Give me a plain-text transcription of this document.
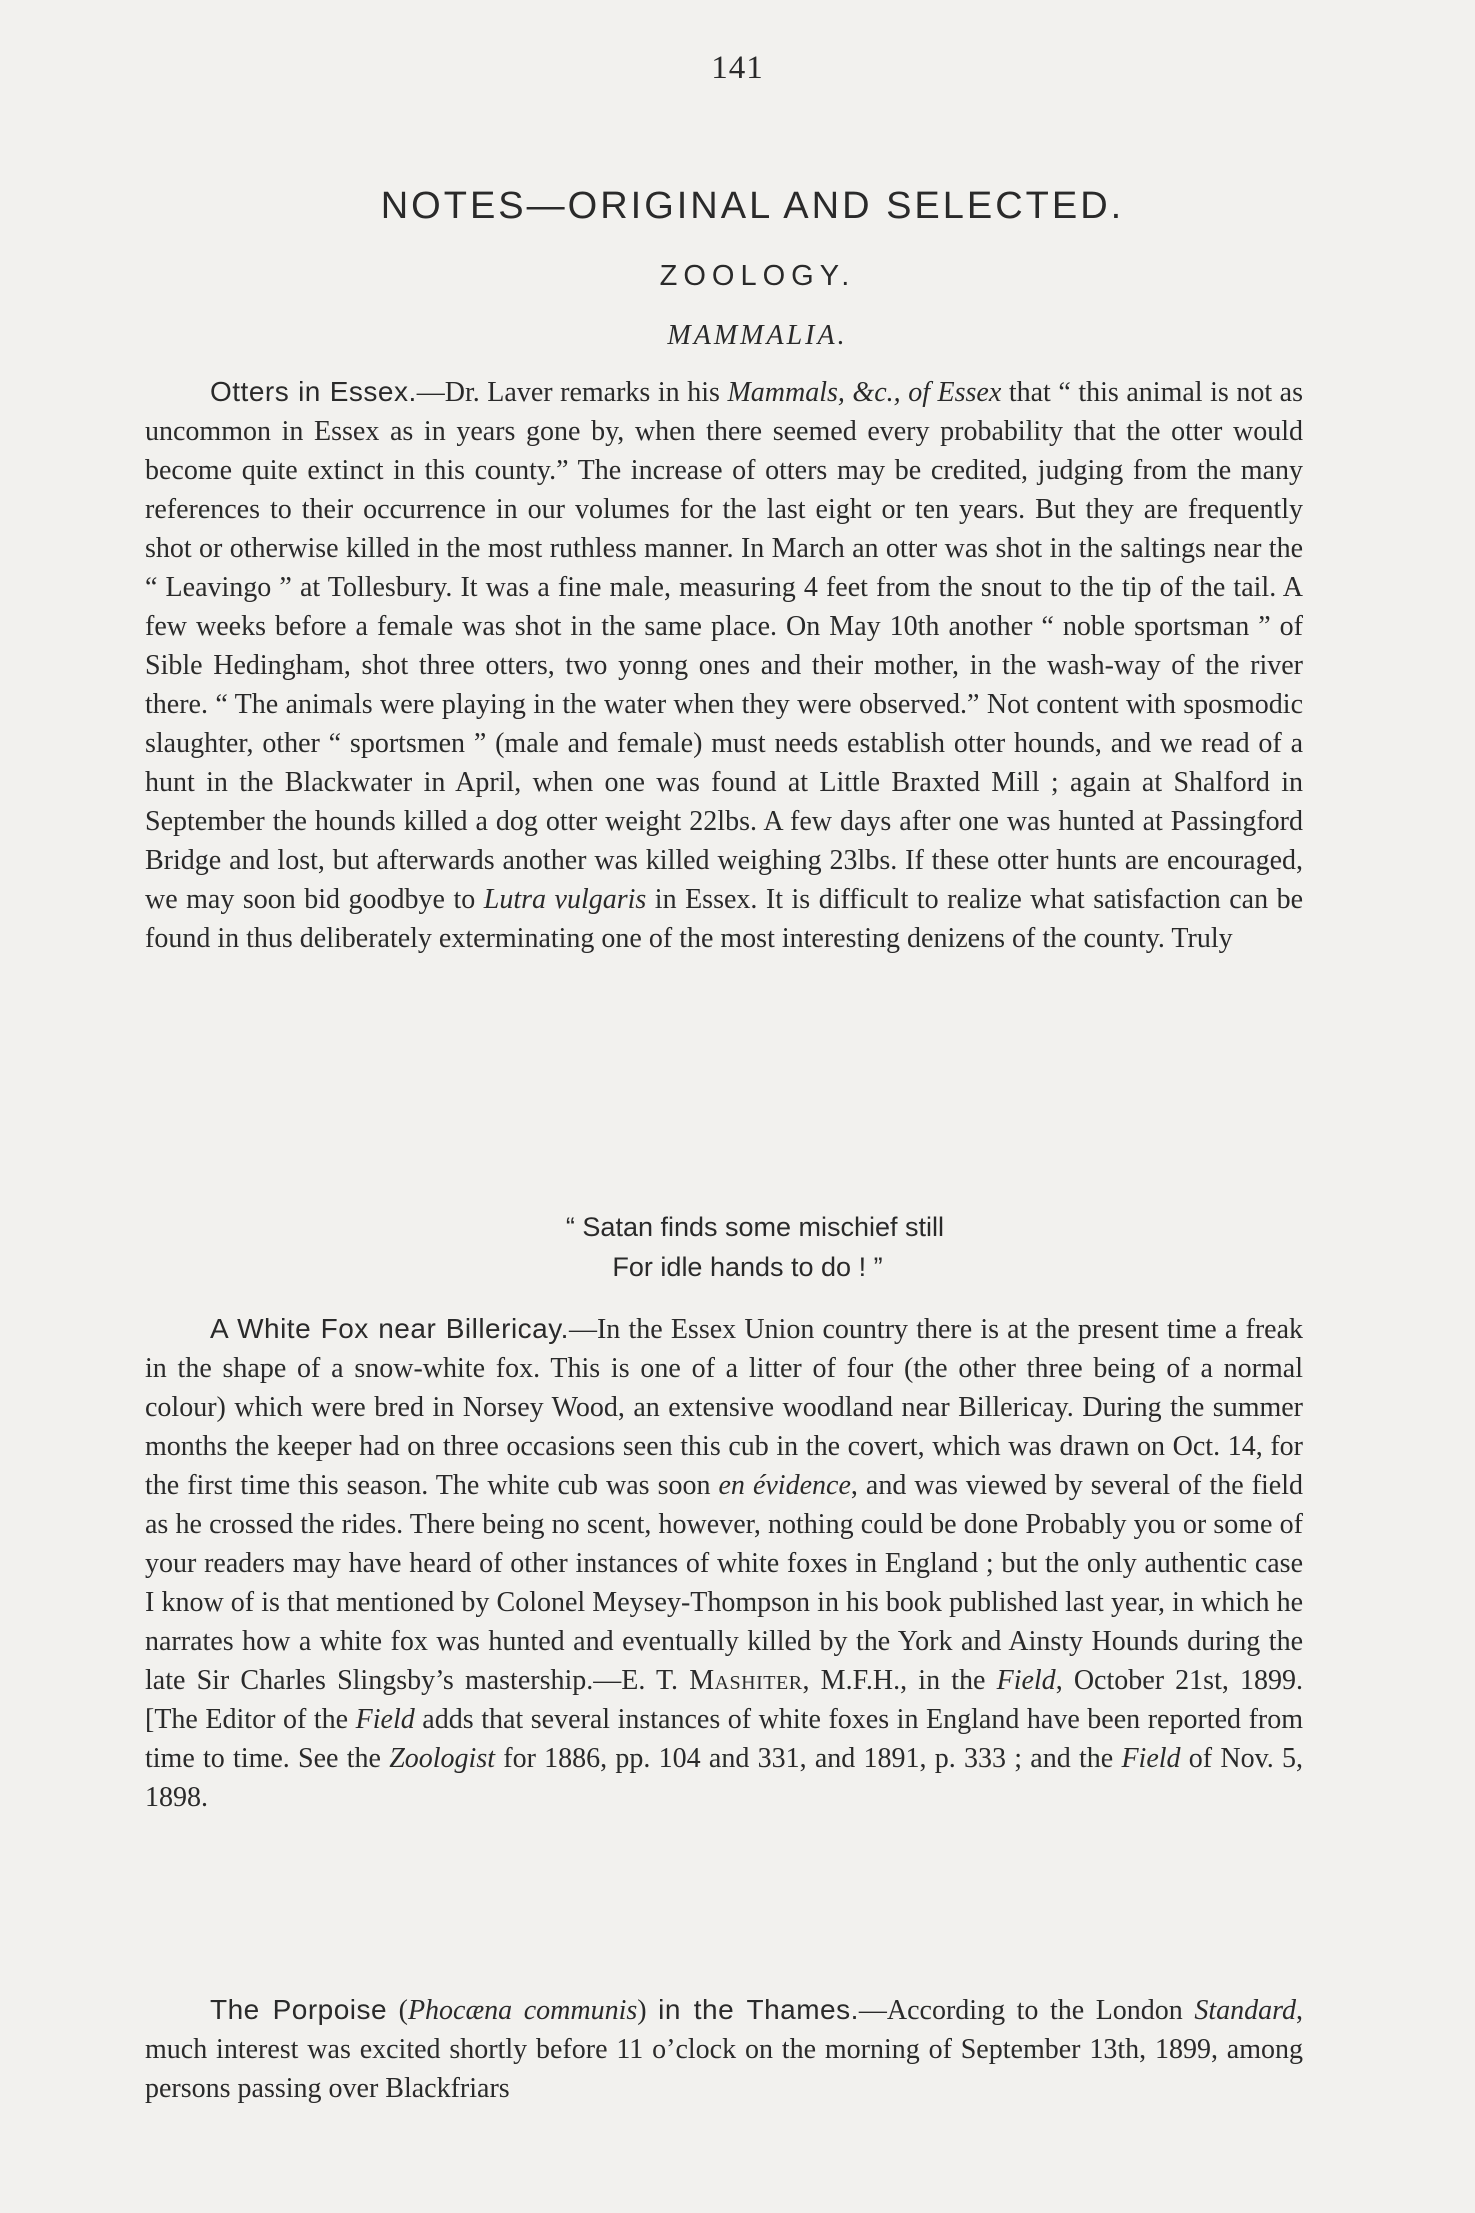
141
NOTES—ORIGINAL AND SELECTED.
ZOOLOGY.
MAMMALIA.
Otters in Essex.—Dr. Laver remarks in his Mammals, &c., of Essex that “ this animal is not as uncommon in Essex as in years gone by, when there seemed every probability that the otter would become quite extinct in this county.” The increase of otters may be credited, judging from the many references to their occurrence in our volumes for the last eight or ten years. But they are frequently shot or otherwise killed in the most ruthless manner. In March an otter was shot in the saltings near the “ Leavingo ” at Tollesbury. It was a fine male, measuring 4 feet from the snout to the tip of the tail. A few weeks before a female was shot in the same place. On May 10th another “ noble sportsman ” of Sible Hedingham, shot three otters, two yonng ones and their mother, in the wash-way of the river there. “ The animals were playing in the water when they were observed.” Not content with sposmodic slaughter, other “ sportsmen ” (male and female) must needs establish otter hounds, and we read of a hunt in the Blackwater in April, when one was found at Little Braxted Mill ; again at Shalford in September the hounds killed a dog otter weight 22lbs. A few days after one was hunted at Passingford Bridge and lost, but afterwards another was killed weighing 23lbs. If these otter hunts are encouraged, we may soon bid goodbye to Lutra vulgaris in Essex. It is difficult to realize what satisfaction can be found in thus deliberately exterminating one of the most interesting denizens of the county. Truly
“ Satan finds some mischief still
For idle hands to do ! ”
A White Fox near Billericay.—In the Essex Union country there is at the present time a freak in the shape of a snow-white fox. This is one of a litter of four (the other three being of a normal colour) which were bred in Norsey Wood, an extensive woodland near Billericay. During the summer months the keeper had on three occasions seen this cub in the covert, which was drawn on Oct. 14, for the first time this season. The white cub was soon en évidence, and was viewed by several of the field as he crossed the rides. There being no scent, however, nothing could be done Probably you or some of your readers may have heard of other instances of white foxes in England ; but the only authentic case I know of is that mentioned by Colonel Meysey-Thompson in his book published last year, in which he narrates how a white fox was hunted and eventually killed by the York and Ainsty Hounds during the late Sir Charles Slingsby’s mastership.—E. T. Mashiter, M.F.H., in the Field, October 21st, 1899. [The Editor of the Field adds that several instances of white foxes in England have been reported from time to time. See the Zoologist for 1886, pp. 104 and 331, and 1891, p. 333 ; and the Field of Nov. 5, 1898.
The Porpoise (Phocæna communis) in the Thames.—According to the London Standard, much interest was excited shortly before 11 o’clock on the morning of September 13th, 1899, among persons passing over Blackfriars
